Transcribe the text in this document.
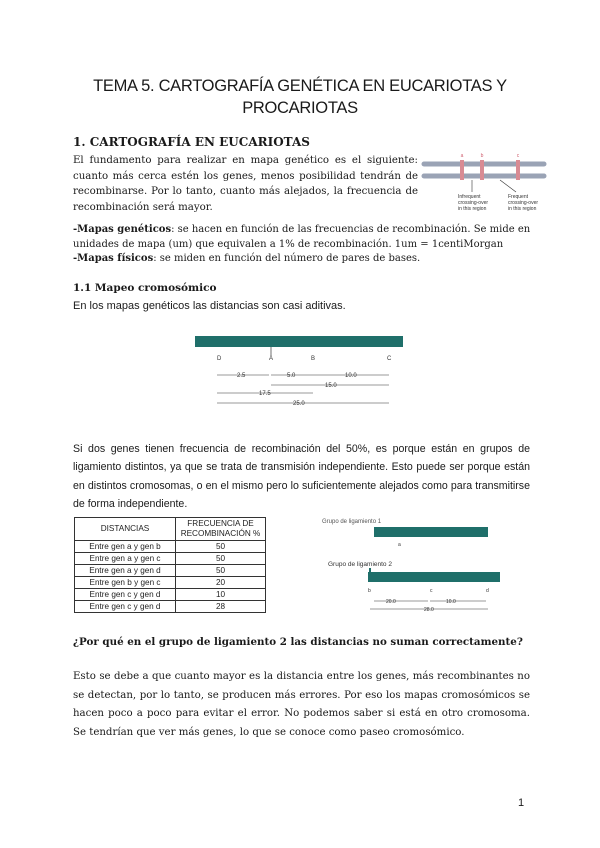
TEMA 5. CARTOGRAFÍA GENÉTICA EN EUCARIOTAS Y
PROCARIOTAS
1. CARTOGRAFÍA EN EUCARIOTAS
El fundamento para realizar en mapa genético es el siguiente: cuanto más cerca estén los genes, menos posibilidad tendrán de recombinarse. Por lo tanto, cuanto más alejados, la frecuencia de recombinación será mayor.
a	b	c
Infrequent
crossing-over
in this region
Frequent
crossing-over
in this region
-Mapas genéticos: se hacen en función de las frecuencias de recombinación. Se mide en unidades de mapa (um) que equivalen a 1% de recombinación. 1um = 1centiMorgan
-Mapas físicos: se miden en función del número de pares de bases.
1.1 Mapeo cromosómico
En los mapas genéticos las distancias son casi aditivas.
D	A	B	C
2.5	5.0	10.0
15.0
17.5
25.0
Si dos genes tienen frecuencia de recombinación del 50%, es porque están en grupos de ligamiento distintos, ya que se trata de transmisión independiente. Esto puede ser porque están en distintos cromosomas, o en el mismo pero lo suficientemente alejados como para transmitirse de forma independiente.
DISTANCIAS	FRECUENCIA DE
RECOMBINACIÓN %
Entre gen a y gen b	50
Entre gen a y gen c	50
Entre gen a y gen d	50
Entre gen b y gen c	20
Entre gen c y gen d	10
Entre gen c y gen d	28
Grupo de ligamiento 1
a
Grupo de ligamiento 2
b	c	d
20.0	10.0
28.0
¿Por qué en el grupo de ligamiento 2 las distancias no suman correctamente?
Esto se debe a que cuanto mayor es la distancia entre los genes, más recombinantes no se detectan, por lo tanto, se producen más errores. Por eso los mapas cromosómicos se hacen poco a poco para evitar el error. No podemos saber si está en otro cromosoma. Se tendrían que ver más genes, lo que se conoce como paseo cromosómico.
1
